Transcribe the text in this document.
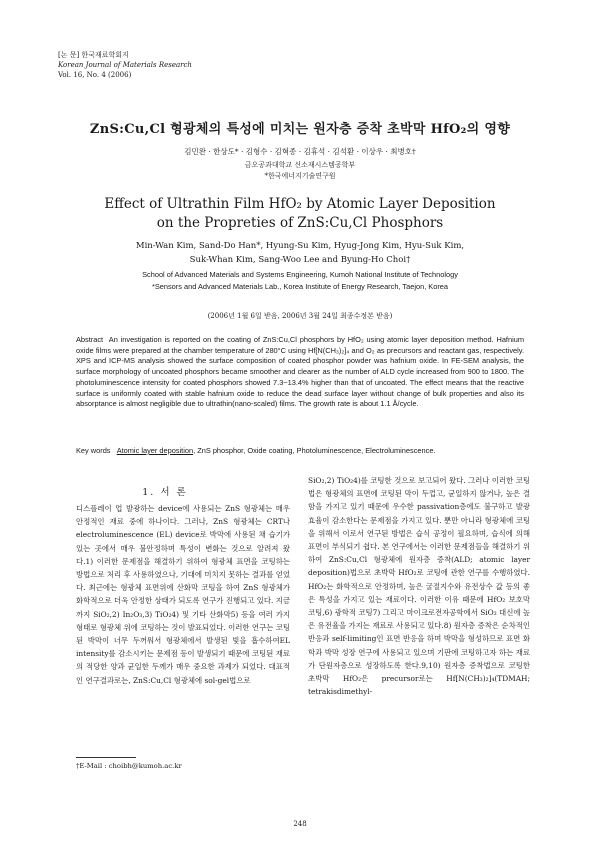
[논 문] 한국재료학회지
Korean Journal of Materials Research
Vol. 16, No. 4 (2006)
ZnS:Cu,Cl 형광체의 특성에 미치는 원자층 증착 초박막 HfO₂의 영향
김민완 · 한상도* · 김형수 · 김혁종 · 김휴석 · 김석환 · 이상우 · 최병호†
금오공과대학교 신소재시스템공학부
*한국에너지기술연구원
Effect of Ultrathin Film HfO₂ by Atomic Layer Deposition
on the Propreties of ZnS:Cu,Cl Phosphors
Min-Wan Kim, Sand-Do Han*, Hyung-Su Kim, Hyug-Jong Kim, Hyu-Suk Kim,
Suk-Whan Kim, Sang-Woo Lee and Byung-Ho Choi†
School of Advanced Materials and Systems Engineering, Kumoh National Institute of Technology
*Sensors and Advanced Materials Lab., Korea Institute of Energy Research, Taejon, Korea
(2006년 1월 6일 받음, 2006년 3월 24일 최종수정본 받음)

Abstract An investigation is reported on the coating of ZnS:Cu,Cl phosphors by HfO₂ using atomic layer deposition method. Hafnium oxide films were prepared at the chamber temperature of 280°C using Hf[N(CH₃)₂]₄ and O₂ as precursors and reactant gas, respectively. XPS and ICP-MS analysis showed the surface composition of coated phosphor powder was hafnium oxide. In FE-SEM analysis, the surface morphology of uncoated phosphors became smoother and clearer as the number of ALD cycle increased from 900 to 1800. The photoluminescence intensity for coated phosphors showed 7.3~13.4% higher than that of uncoated. The effect means that the reactive surface is uniformly coated with stable hafnium oxide to reduce the dead surface layer without change of bulk properties and also its absorptance is almost negligible due to ultrathin(nano-scaled) films. The growth rate is about 1.1 Å/cycle.

Key words Atomic layer deposition, ZnS phosphor, Oxide coating, Photoluminescence, Electroluminescence.
1. 서 론

디스플레이 업 발광하는 device에 사용되는 ZnS 형광체는 매우 안정적인 재료 중에 하나이다. 그러나, ZnS 형광체는 CRT나 electroluminescence (EL) device로 박막에 사용된 채 습기가 있는 곳에서 매우 불안정하며 특성이 변화는 것으로 알려져 왔다.1) 이러한 문제점을 해결하기 위하여 형광체 표면을 코팅하는 방법으로 처리 후 사용하였으나, 기대에 미치지 못하는 결과를 얻었다. 최근에는 형광체 표면위에 산화막 코팅을 하여 ZnS 형광체가 화학적으로 더욱 안정한 상태가 되도록 연구가 진행되고 있다. 지금까지 SiO₂,2) In₂O₃,3) TiO₂4) 및 기타 산화막5) 등을 여러 가지 형태로 형광체 위에 코팅하는 것이 발표되었다. 이러한 연구는 코팅된 박막이 너무 두꺼워서 형광체에서 발생된 빛을 흡수하여EL intensity를 감소시키는 문제점 등이 발생되기 때문에 코팅된 재료의 적당한 양과 균일한 두께가 매우 중요한 과제가 되었다. 대표적인 연구결과로는, ZnS:Cu,Cl 형광체에 sol-gel법으로

SiO₂,2) TiO₂4)를 코팅한 것으로 보고되어 왔다. 그러나 이러한 코팅법은 형광체의 표면에 코팅된 막이 두껍고, 균일하지 않거나, 높은 결함을 가지고 있기 때문에 우수한 passivation층에도 불구하고 발광 효율이 감소한다는 문제점을 가지고 있다. 뿐만 아니라 형광체에 코팅을 위해서 이로서 연구된 방법은 습식 공정이 필요하며, 습식에 의해 표면이 부식되기 쉽다. 본 연구에서는 이러한 문제점들을 해결하기 위하여 ZnS:Cu,Cl 형광체에 원자층 증착(ALD; atomic layer deposition)법으로 초박막 HfO₂로 코팅에 관한 연구를 수행하였다. HfO₂는 화학적으로 안정하며, 높은 굴절지수와 유전상수 값 등의 좋은 특성을 가지고 있는 재료이다. 이러한 이유 때문에 HfO₂ 보호막 코팅,6) 광학적 코팅7) 그리고 마이크로전자공학에서 SiO₂ 대신에 높은 유전율을 가지는 재료로 사용되고 있다.8) 원자층 증착은 순차적인 반응과 self-limiting인 표면 반응을 하며 박막을 형성하므로 표면 화학과 박막 성장 연구에 사용되고 있으며 기판에 코팅하고자 하는 재료가 단원자층으로 성장하도록 한다.9,10) 원자층 증착법으로 코팅한 초박막 HfO₂은 precursor로는 Hf[N(CH₃)₂]₄(TDMAH; tetrakisdimethyl-

†E-Mail : choibh@kumoh.ac.kr
248
